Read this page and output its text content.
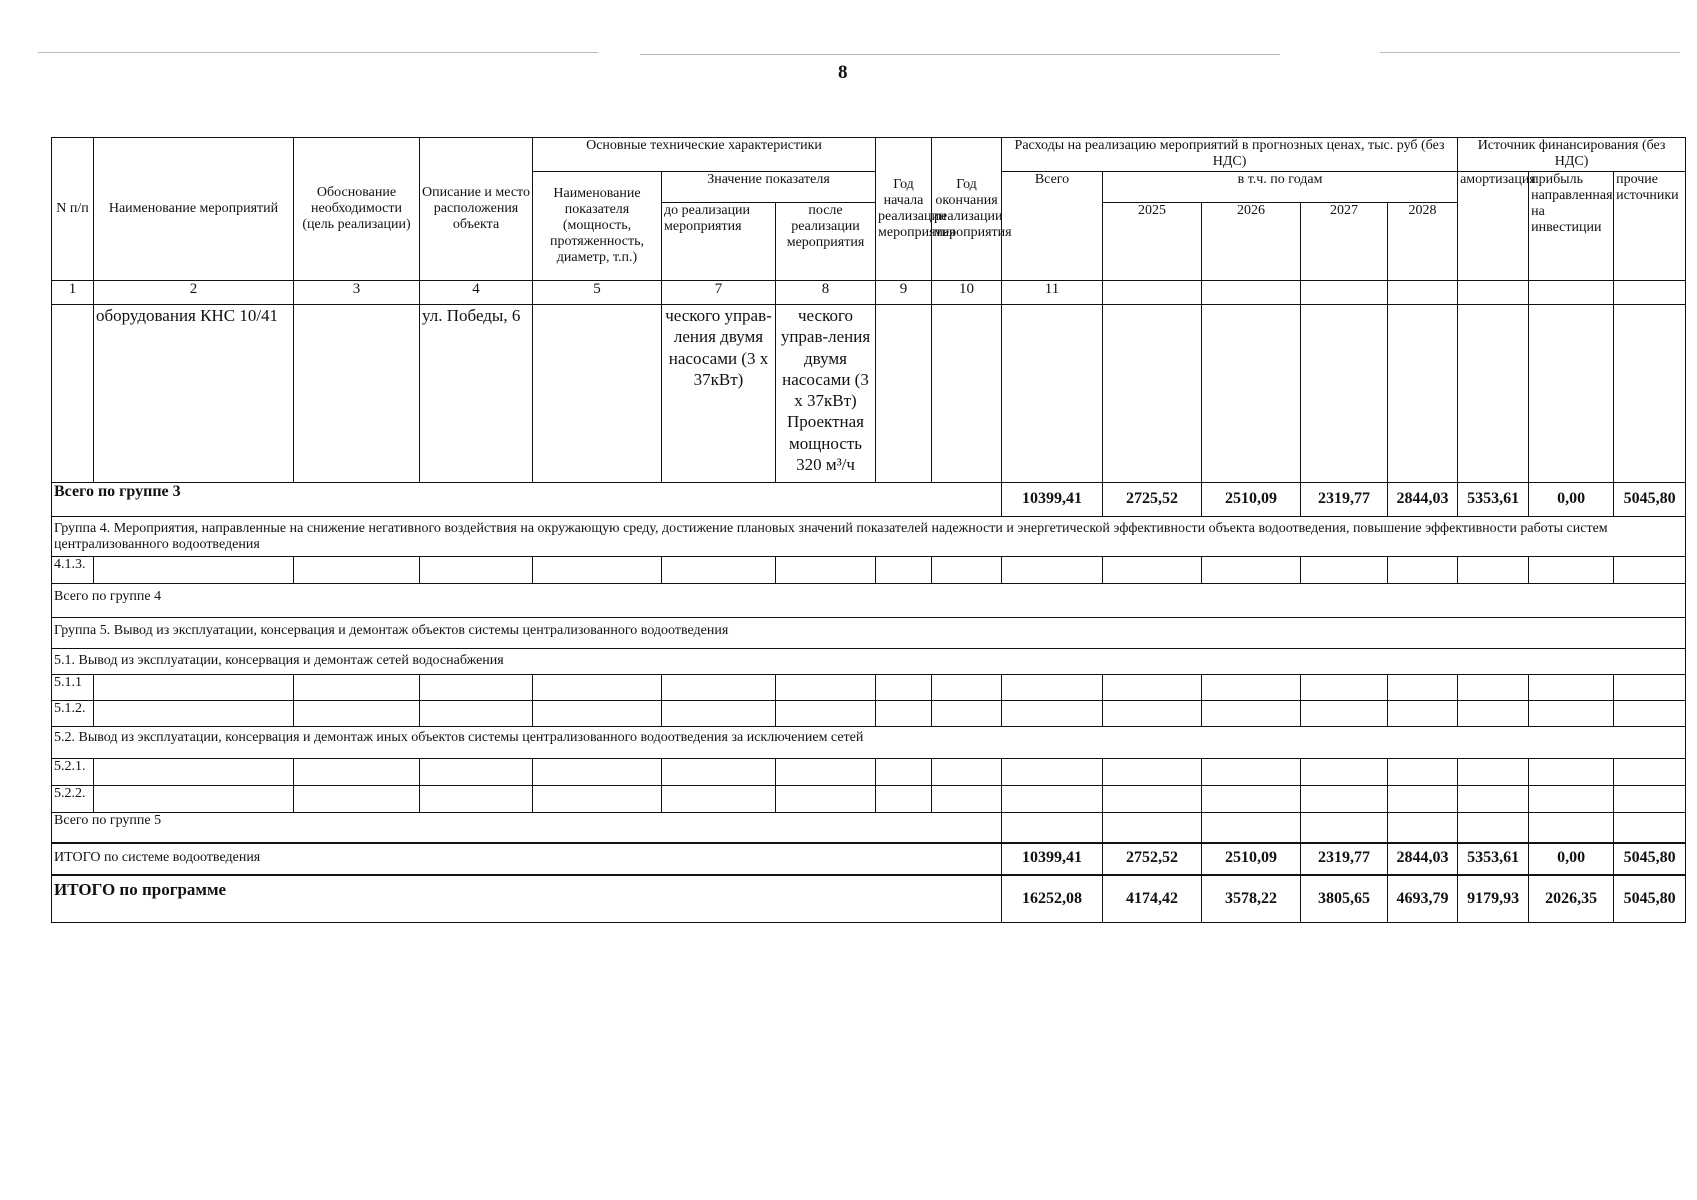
8
N п/п	Наименование мероприятий	Обоснование необходимости (цель реализации)	Описание и место расположения объекта	Основные технические характеристики			Год начала реализации мероприятия	Год окончания реализации мероприятия	Расходы на реализацию мероприятий в прогнозных ценах, тыс. руб (без НДС)					Источник финансирования (без НДС)		
				Наименование показателя (мощность, протяженность, диаметр, т.п.)	Значение показателя				Всего	в т.ч. по годам				амортизация	прибыль направленная на инвестиции	прочие источники
					до реализации мероприятия	после реализации мероприятия				2025	2026	2027	2028			
1	2	3	4	5	7	8	9	10	11							
	оборудования КНС 10/41		ул. Победы, 6		ческого управ-ления двумя насосами (3 х 37кВт)	ческого управ-ления двумя насосами (3 х 37кВт) Проектная мощность 320 м³/ч										
Всего по группе 3									10399,41	2725,52	2510,09	2319,77	2844,03	5353,61	0,00	5045,80
Группа 4. Мероприятия, направленные на снижение негативного воздействия на окружающую среду, достижение плановых значений показателей надежности и энергетической эффективности объекта водоотведения, повышение эффективности работы систем централизованного водоотведения																
4.1.3.																
Всего по группе 4																
Группа 5. Вывод из эксплуатации, консервация и демонтаж объектов системы централизованного водоотведения																
5.1. Вывод из эксплуатации, консервация и демонтаж сетей водоснабжения																
5.1.1																
5.1.2.																
5.2. Вывод из эксплуатации, консервация и демонтаж иных объектов системы централизованного водоотведения за исключением сетей																
5.2.1.																
5.2.2.																
Всего по группе 5																
ИТОГО по системе водоотведения									10399,41	2752,52	2510,09	2319,77	2844,03	5353,61	0,00	5045,80
ИТОГО по программе									16252,08	4174,42	3578,22	3805,65	4693,79	9179,93	2026,35	5045,80
